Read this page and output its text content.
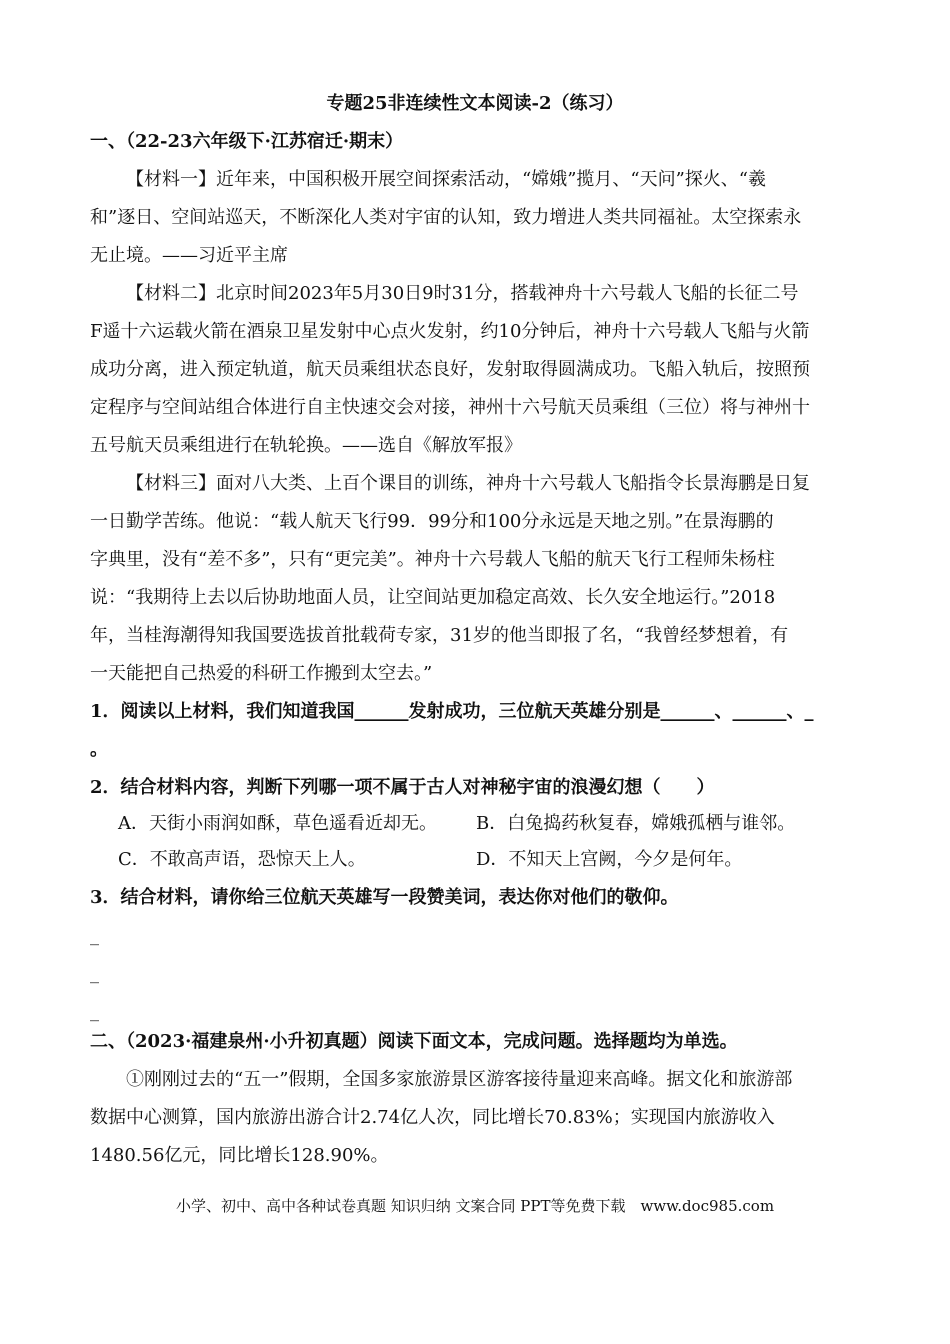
专题25非连续性文本阅读-2（练习）
一、（22-23六年级下·江苏宿迁·期末）
【材料一】近年来，中国积极开展空间探索活动，“嫦娥”揽月、“天问”探火、“羲
和”逐日、空间站巡天，不断深化人类对宇宙的认知，致力增进人类共同福祉。太空探索永
无止境。——习近平主席
【材料二】北京时间2023年5月30日9时31分，搭载神舟十六号载人飞船的长征二号
F遥十六运载火箭在酒泉卫星发射中心点火发射，约10分钟后，神舟十六号载人飞船与火箭
成功分离，进入预定轨道，航天员乘组状态良好，发射取得圆满成功。飞船入轨后，按照预
定程序与空间站组合体进行自主快速交会对接，神州十六号航天员乘组（三位）将与神州十
五号航天员乘组进行在轨轮换。——选自《解放军报》
【材料三】面对八大类、上百个课目的训练，神舟十六号载人飞船指令长景海鹏是日复
一日勤学苦练。他说：“载人航天飞行99．99分和100分永远是天地之别。”在景海鹏的
字典里，没有“差不多”，只有“更完美”。神舟十六号载人飞船的航天飞行工程师朱杨柱
说：“我期待上去以后协助地面人员，让空间站更加稳定高效、长久安全地运行。”2018
年，当桂海潮得知我国要选拔首批载荷专家，31岁的他当即报了名，“我曾经梦想着，有
一天能把自己热爱的科研工作搬到太空去。”
1．阅读以上材料，我们知道我国______发射成功，三位航天英雄分别是______、______、_
。
2．结合材料内容，判断下列哪一项不属于古人对神秘宇宙的浪漫幻想（　　）
A．天街小雨润如酥，草色遥看近却无。 B．白兔捣药秋复春，嫦娥孤栖与谁邻。
C．不敢高声语，恐惊天上人。	D．不知天上宫阙，今夕是何年。
3．结合材料，请你给三位航天英雄写一段赞美词，表达你对他们的敬仰。
_
_
_
二、（2023·福建泉州·小升初真题）阅读下面文本，完成问题。选择题均为单选。
①刚刚过去的“五一”假期，全国多家旅游景区游客接待量迎来高峰。据文化和旅游部
数据中心测算，国内旅游出游合计2.74亿人次，同比增长70.83%；实现国内旅游收入
1480.56亿元，同比增长128.90%。
小学、初中、高中各种试卷真题 知识归纳 文案合同 PPT等免费下载　www.doc985.com
